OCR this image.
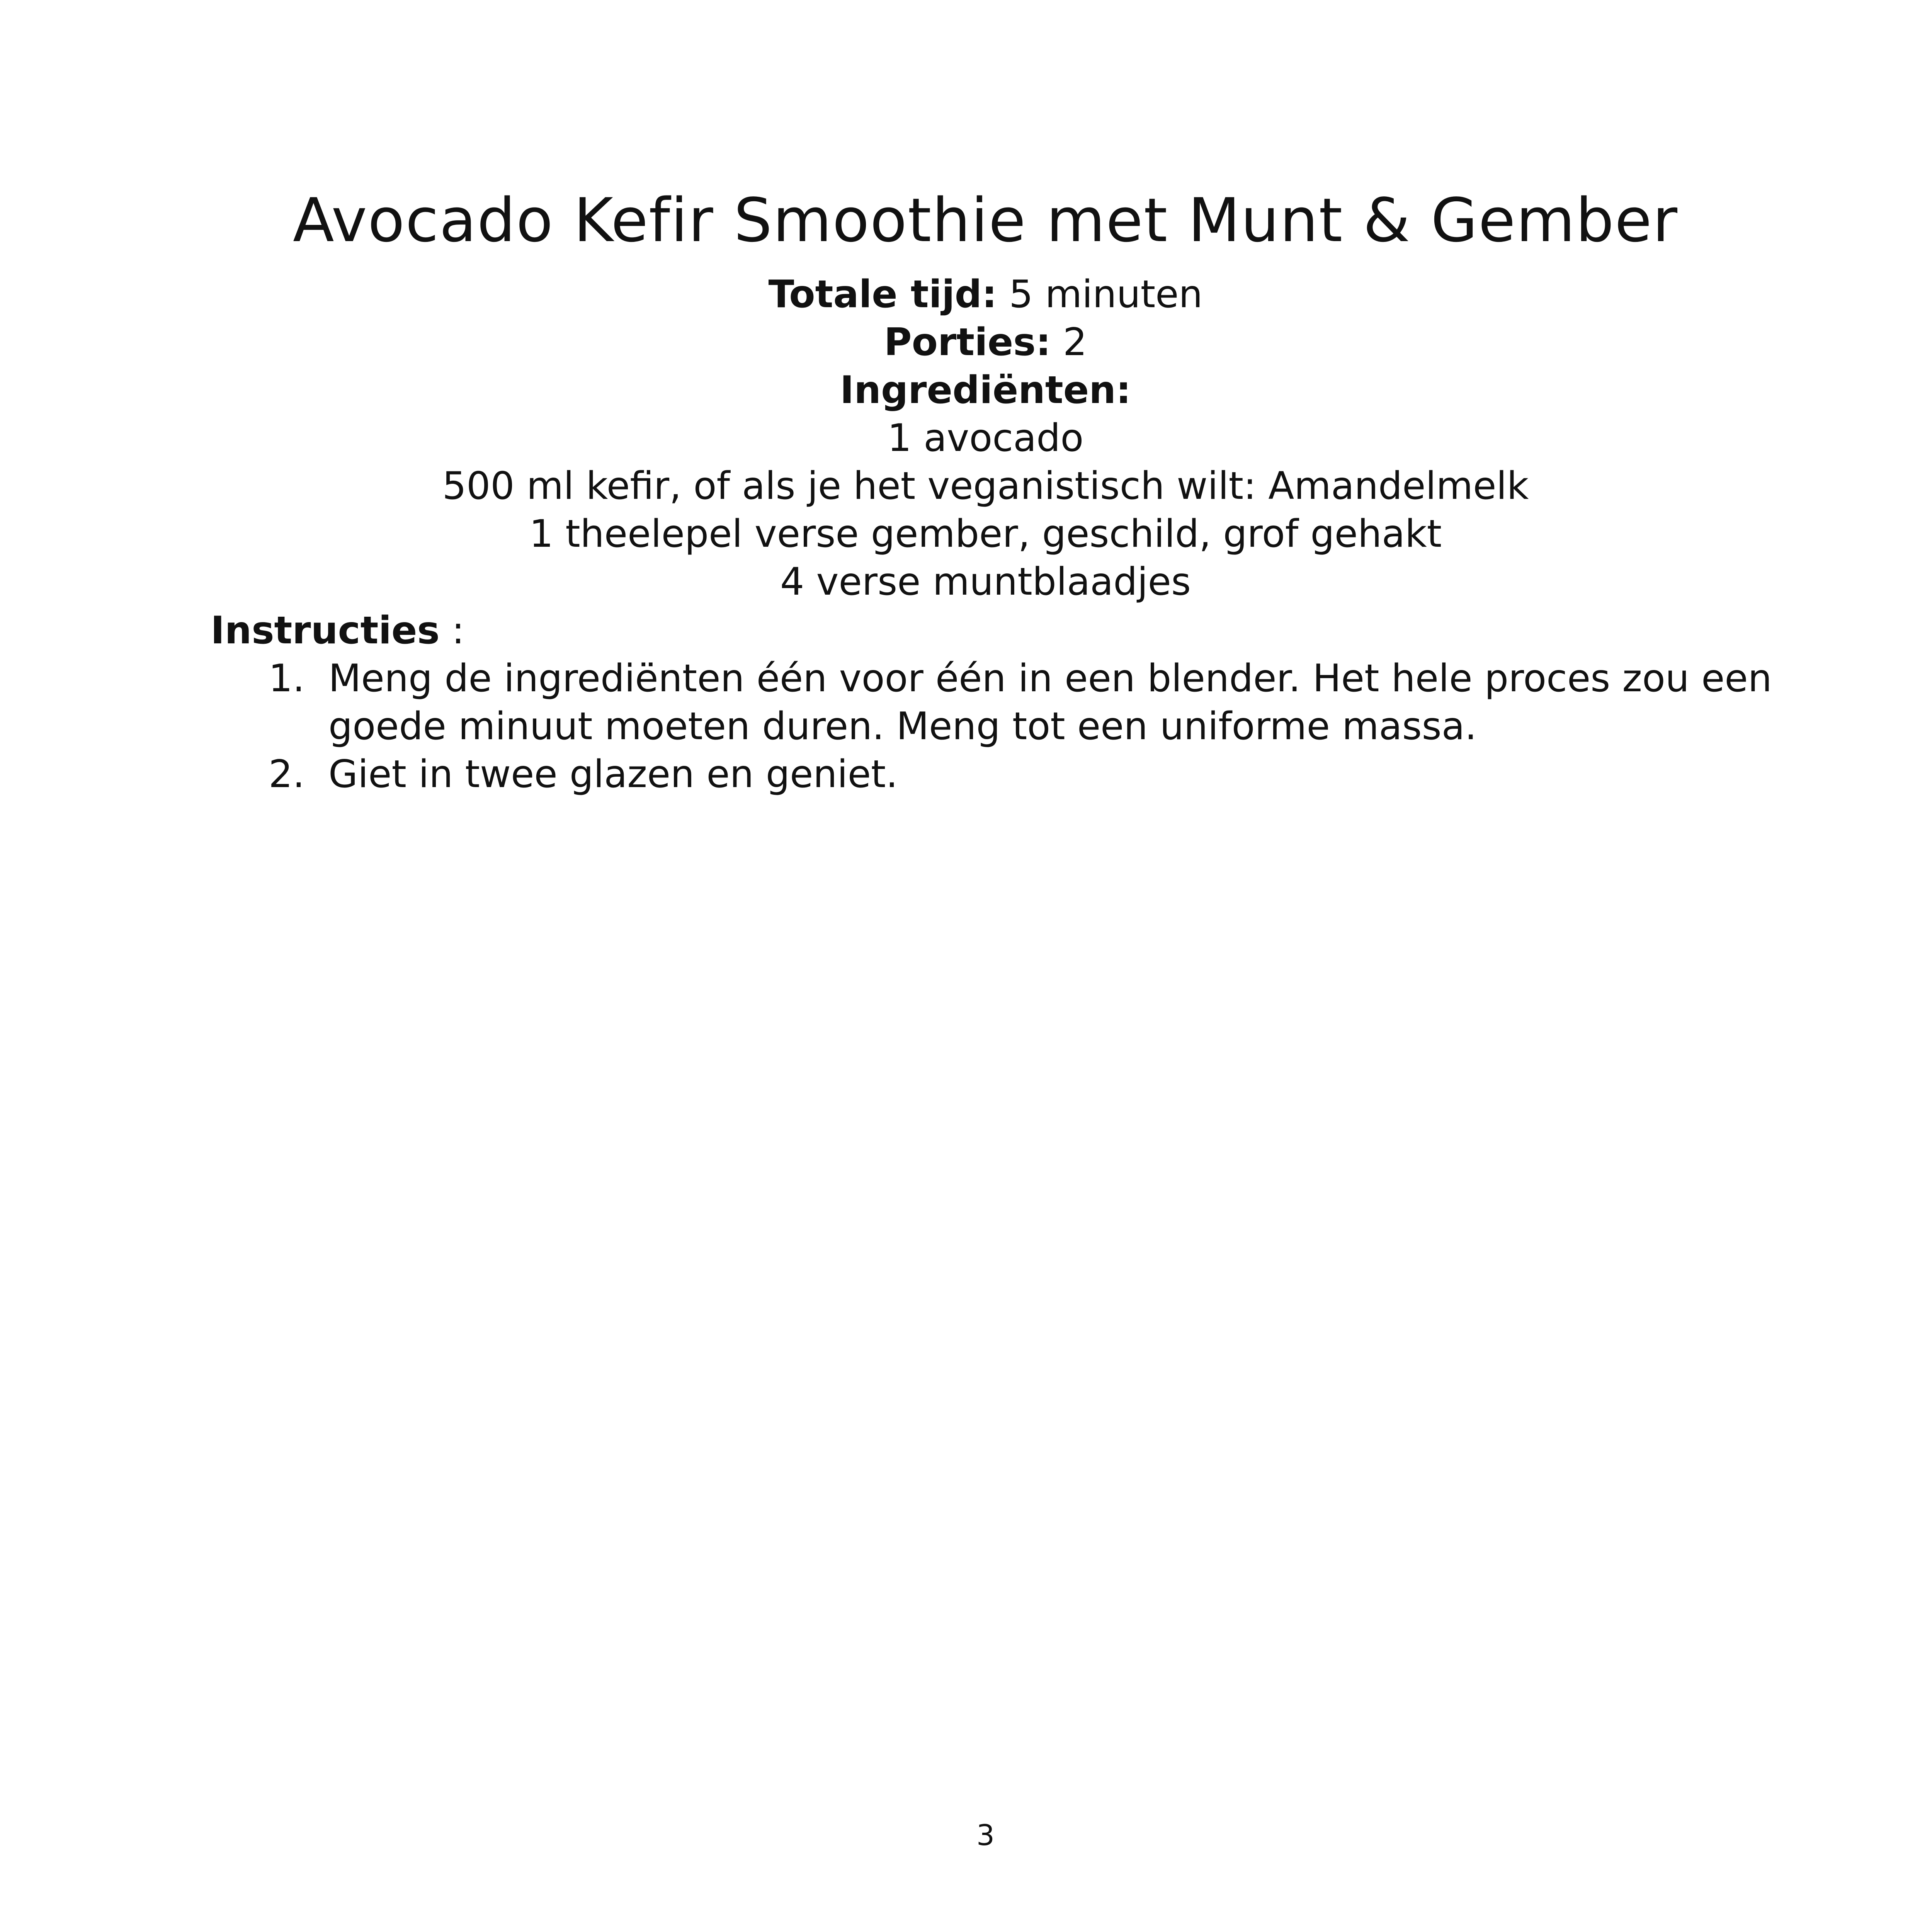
Avocado Kefir Smoothie met Munt & Gember
Totale tijd: 5 minuten
Porties: 2
Ingrediënten:
1 avocado
500 ml kefir, of als je het veganistisch wilt: Amandelmelk
1 theelepel verse gember, geschild, grof gehakt
4 verse muntblaadjes
Instructies :
1. Meng de ingrediënten één voor één in een blender. Het hele proces zou een goede minuut moeten duren. Meng tot een uniforme massa.
2. Giet in twee glazen en geniet.
3
